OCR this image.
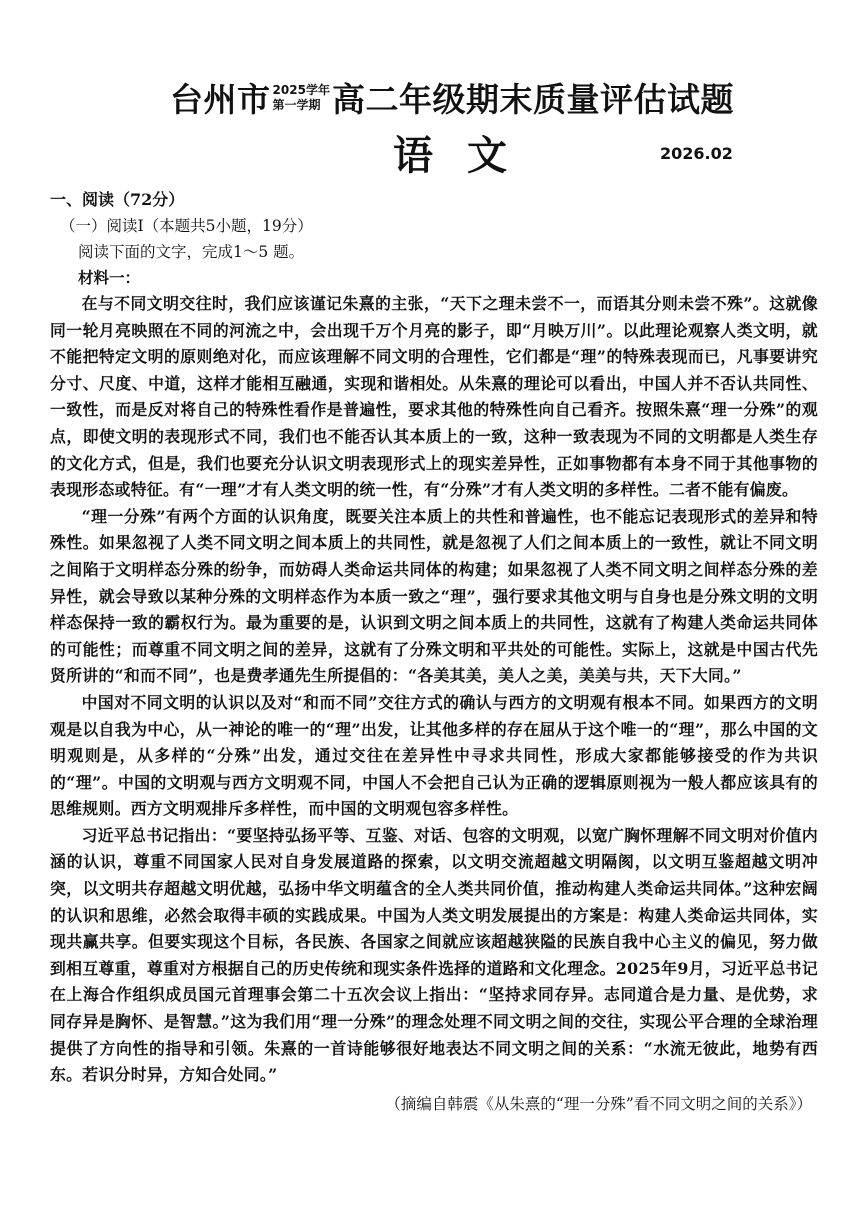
台州市 2025学年
第一学期 高二年级期末质量评估试题
语文	2026.02
一、阅读（72分）
（一）阅读Ⅰ（本题共5小题，19分）
阅读下面的文字，完成1～5 题。
材料一：

在与不同文明交往时，我们应该谨记朱熹的主张，“天下之理未尝不一，而语其分则未尝不殊”。这就像同一轮月亮映照在不同的河流之中，会出现千万个月亮的影子，即“月映万川”。以此理论观察人类文明，就不能把特定文明的原则绝对化，而应该理解不同文明的合理性，它们都是“理”的特殊表现而已，凡事要讲究分寸、尺度、中道，这样才能相互融通，实现和谐相处。从朱熹的理论可以看出，中国人并不否认共同性、一致性，而是反对将自己的特殊性看作是普遍性，要求其他的特殊性向自己看齐。按照朱熹“理一分殊”的观点，即使文明的表现形式不同，我们也不能否认其本质上的一致，这种一致表现为不同的文明都是人类生存的文化方式，但是，我们也要充分认识文明表现形式上的现实差异性，正如事物都有本身不同于其他事物的表现形态或特征。有“一理”才有人类文明的统一性，有“分殊”才有人类文明的多样性。二者不能有偏废。

“理一分殊”有两个方面的认识角度，既要关注本质上的共性和普遍性，也不能忘记表现形式的差异和特殊性。如果忽视了人类不同文明之间本质上的共同性，就是忽视了人们之间本质上的一致性，就让不同文明之间陷于文明样态分殊的纷争，而妨碍人类命运共同体的构建；如果忽视了人类不同文明之间样态分殊的差异性，就会导致以某种分殊的文明样态作为本质一致之“理”，强行要求其他文明与自身也是分殊文明的文明样态保持一致的霸权行为。最为重要的是，认识到文明之间本质上的共同性，这就有了构建人类命运共同体的可能性；而尊重不同文明之间的差异，这就有了分殊文明和平共处的可能性。实际上，这就是中国古代先贤所讲的“和而不同”，也是费孝通先生所提倡的：“各美其美，美人之美，美美与共，天下大同。”

中国对不同文明的认识以及对“和而不同”交往方式的确认与西方的文明观有根本不同。如果西方的文明观是以自我为中心，从一神论的唯一的“理”出发，让其他多样的存在屈从于这个唯一的“理”，那么中国的文明观则是，从多样的“分殊”出发，通过交往在差异性中寻求共同性，形成大家都能够接受的作为共识的“理”。中国的文明观与西方文明观不同，中国人不会把自己认为正确的逻辑原则视为一般人都应该具有的思维规则。西方文明观排斥多样性，而中国的文明观包容多样性。

习近平总书记指出：“要坚持弘扬平等、互鉴、对话、包容的文明观，以宽广胸怀理解不同文明对价值内涵的认识，尊重不同国家人民对自身发展道路的探索，以文明交流超越文明隔阂，以文明互鉴超越文明冲突，以文明共存超越文明优越，弘扬中华文明蕴含的全人类共同价值，推动构建人类命运共同体。”这种宏阔的认识和思维，必然会取得丰硕的实践成果。中国为人类文明发展提出的方案是：构建人类命运共同体，实现共赢共享。但要实现这个目标，各民族、各国家之间就应该超越狭隘的民族自我中心主义的偏见，努力做到相互尊重，尊重对方根据自己的历史传统和现实条件选择的道路和文化理念。2025年9月，习近平总书记在上海合作组织成员国元首理事会第二十五次会议上指出：“坚持求同存异。志同道合是力量、是优势，求同存异是胸怀、是智慧。”这为我们用“理一分殊”的理念处理不同文明之间的交往，实现公平合理的全球治理提供了方向性的指导和引领。朱熹的一首诗能够很好地表达不同文明之间的关系：“水流无彼此，地势有西东。若识分时异，方知合处同。”

（摘编自韩震《从朱熹的“理一分殊”看不同文明之间的关系》）
